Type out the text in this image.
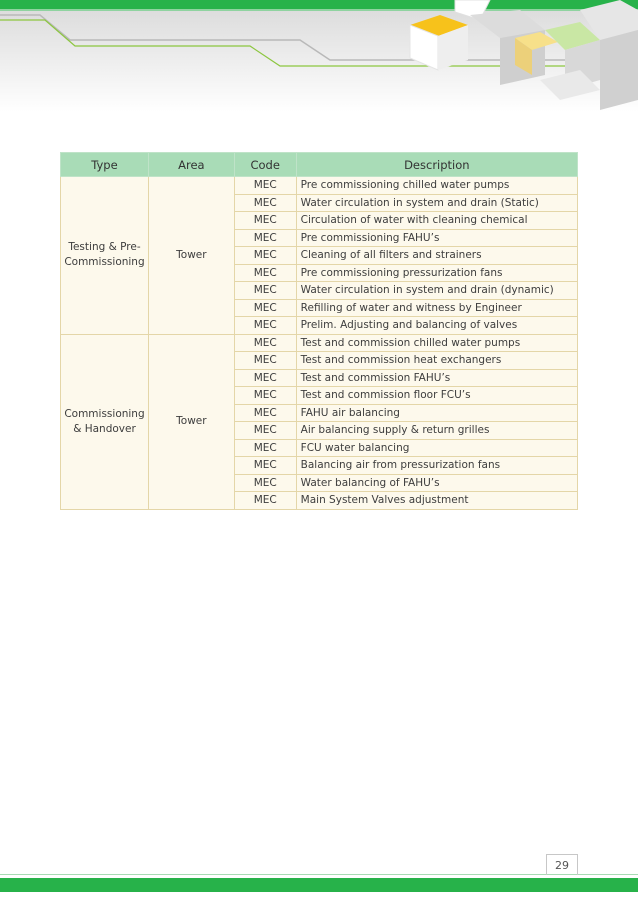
Type	Area	Code	Description
Testing & Pre-
Commissioning	Tower	MEC	Pre commissioning chilled water pumps
		MEC	Water circulation in system and drain (Static)
		MEC	Circulation of water with cleaning chemical
		MEC	Pre commissioning FAHU’s
		MEC	Cleaning of all filters and strainers
		MEC	Pre commissioning pressurization fans
		MEC	Water circulation in system and drain (dynamic)
		MEC	Refilling of water and witness by Engineer
		MEC	Prelim. Adjusting and balancing of valves
Commissioning
& Handover	Tower	MEC	Test and commission chilled water pumps
		MEC	Test and commission heat exchangers
		MEC	Test and commission FAHU’s
		MEC	Test and commission floor FCU’s
		MEC	FAHU air balancing
		MEC	Air balancing supply & return grilles
		MEC	FCU water balancing
		MEC	Balancing air from pressurization fans
		MEC	Water balancing of FAHU’s
		MEC	Main System Valves adjustment
29
